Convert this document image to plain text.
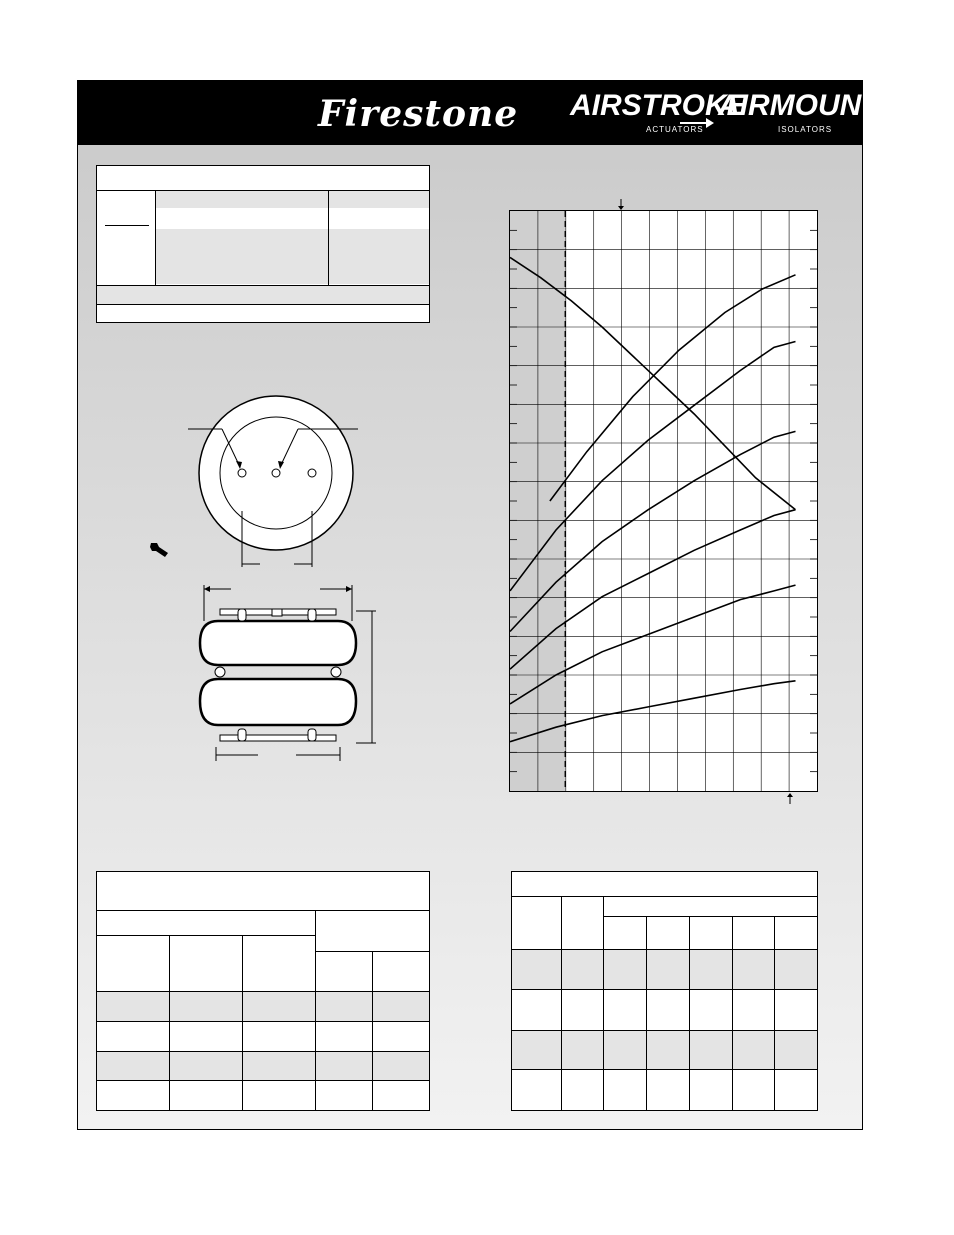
Firestone AIRSTROKE
ACTUATORS
AIRMOUNT
ISOLATORS
